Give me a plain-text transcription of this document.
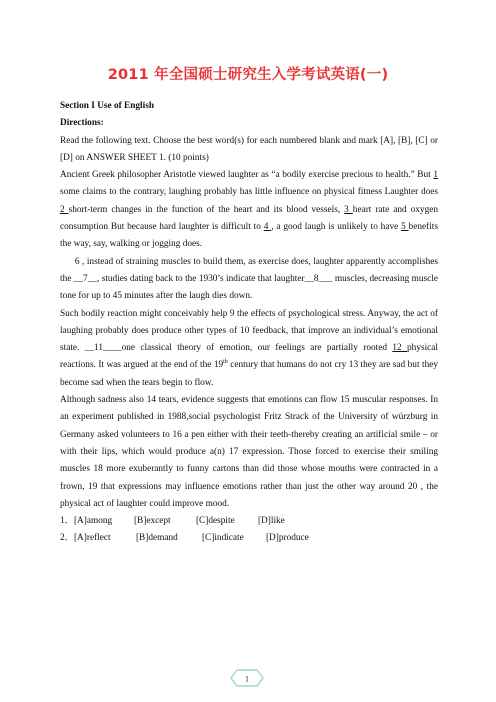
2011 年全国硕士研究生入学考试英语(一)

Section I Use of English

Directions:

Read the following text. Choose the best word(s) for each numbered blank and mark [A], [B], [C] or [D] on ANSWER SHEET 1. (10 points)

Ancient Greek philosopher Aristotle viewed laughter as “a bodily exercise precious to health.” But 1 some claims to the contrary, laughing probably has little influence on physical fitness Laughter does 2 short-term changes in the function of the heart and its blood vessels, 3 heart rate and oxygen consumption But because hard laughter is difficult to 4 , a good laugh is unlikely to have 5 benefits the way, say, walking or jogging does.

6 , instead of straining muscles to build them, as exercise does, laughter apparently accomplishes the __7__, studies dating back to the 1930’s indicate that laughter__8___ muscles, decreasing muscle tone for up to 45 minutes after the laugh dies down.

Such bodily reaction might conceivably help 9 the effects of psychological stress. Anyway, the act of laughing probably does produce other types of 10 feedback, that improve an individual’s emotional state. __11____one classical theory of emotion, our feelings are partially rooted 12 physical reactions. It was argued at the end of the 19th century that humans do not cry 13 they are sad but they become sad when the tears begin to flow.

Although sadness also 14 tears, evidence suggests that emotions can flow 15 muscular responses. In an experiment published in 1988,social psychologist Fritz Strack of the University of würzburg in Germany asked volunteers to 16 a pen either with their teeth-thereby creating an artificial smile – or with their lips, which would produce a(n) 17 expression. Those forced to exercise their smiling muscles 18 more exuberantly to funny cartons than did those whose mouths were contracted in a frown, 19 that expressions may influence emotions rather than just the other way around 20 , the physical act of laughter could improve mood.

1．[A]among [B]except	[C]despite	[D]like

2．[A]reflect	[B]demand	[C]indicate [D]produce

1
